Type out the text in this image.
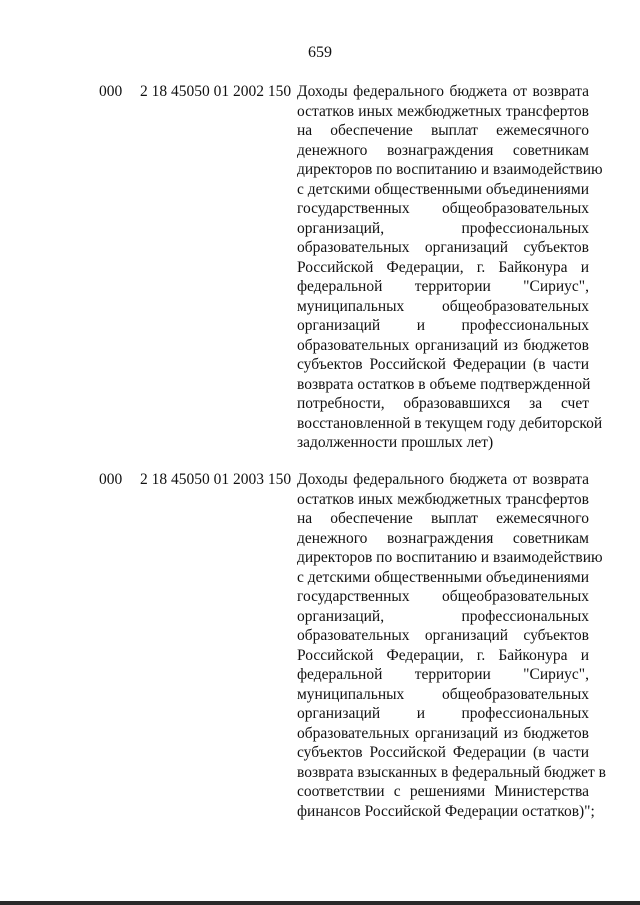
659
000 2 18 45050 01 2002 150 Доходы федерального бюджета от возврата
остатков иных межбюджетных трансфертов
на обеспечение выплат ежемесячного
денежного вознаграждения советникам
директоров по воспитанию и взаимодействию
с детскими общественными объединениями
государственных общеобразовательных
организаций, профессиональных
образовательных организаций субъектов
Российской Федерации, г. Байконура и
федеральной территории "Сириус",
муниципальных общеобразовательных
организаций и профессиональных
образовательных организаций из бюджетов
субъектов Российской Федерации (в части
возврата остатков в объеме подтвержденной
потребности, образовавшихся за счет
восстановленной в текущем году дебиторской
задолженности прошлых лет)
000 2 18 45050 01 2003 150 Доходы федерального бюджета от возврата
остатков иных межбюджетных трансфертов
на обеспечение выплат ежемесячного
денежного вознаграждения советникам
директоров по воспитанию и взаимодействию
с детскими общественными объединениями
государственных общеобразовательных
организаций, профессиональных
образовательных организаций субъектов
Российской Федерации, г. Байконура и
федеральной территории "Сириус",
муниципальных общеобразовательных
организаций и профессиональных
образовательных организаций из бюджетов
субъектов Российской Федерации (в части
возврата взысканных в федеральный бюджет в
соответствии с решениями Министерства
финансов Российской Федерации остатков)";
